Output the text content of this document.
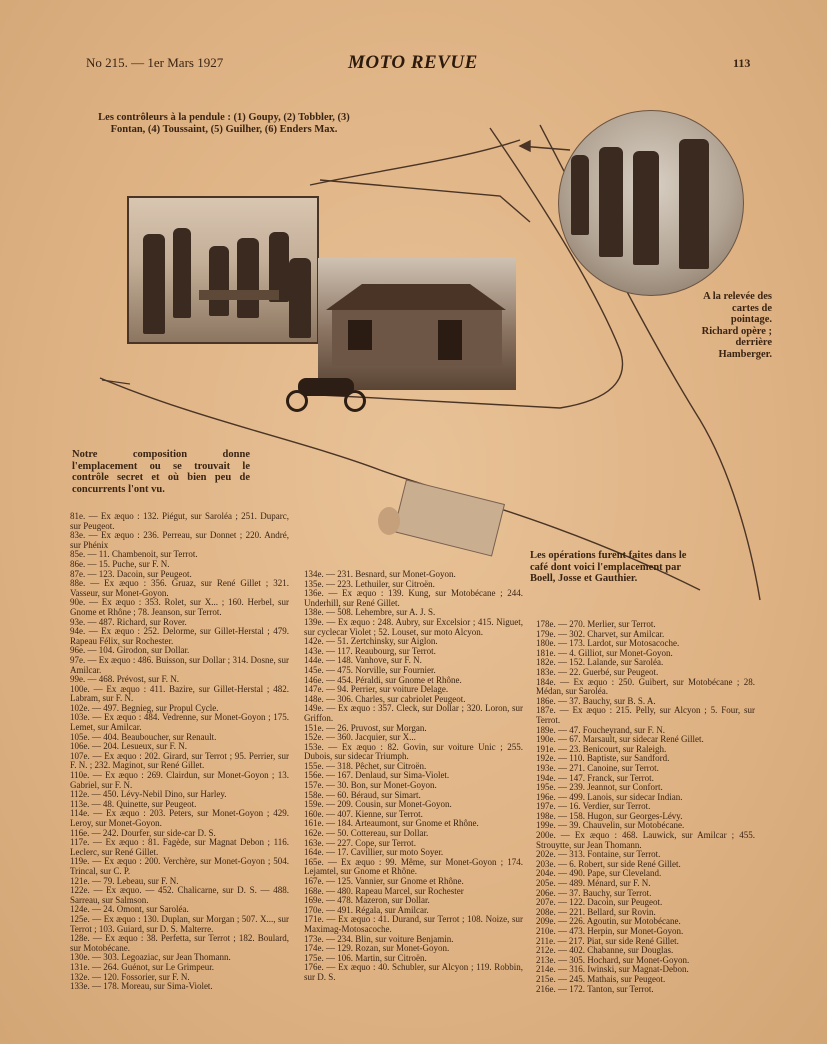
No 215. — 1er Mars 1927	MOTO REVUE	113
Les contrôleurs à la pendule : (1) Goupy, (2) Tobbler, (3) Fontan, (4) Toussaint, (5) Guilher, (6) Enders Max.
A la relevée des cartes de pointage. Richard opère ; derrière Hamberger.
Notre composition donne l'emplacement ou se trouvait le contrôle secret et où bien peu de concurrents l'ont vu.
Les opérations furent faites dans le café dont voici l'emplacement par Boell, Josse et Gauthier.

81e. — Ex æquo : 132. Piégut, sur Saroléa ; 251. Duparc, sur Peugeot.

83e. — Ex æquo : 236. Perreau, sur Donnet ; 220. André, sur Phénix

85e. — 11. Chambenoit, sur Terrot.

86e. — 15. Puche, sur F. N.

87e. — 123. Dacoin, sur Peugeot.

88e. — Ex æquo : 356. Gruaz, sur René Gillet ; 321. Vasseur, sur Monet-Goyon.

90e. — Ex æquo : 353. Rolet, sur X... ; 160. Herbel, sur Gnome et Rhône ; 78. Jeanson, sur Terrot.

93e. — 487. Richard, sur Rover.

94e. — Ex æquo : 252. Delorme, sur Gillet-Herstal ; 479. Rapeau Félix, sur Rochester.

96e. — 104. Girodon, sur Dollar.

97e. — Ex æquo : 486. Buisson, sur Dollar ; 314. Dosne, sur Amilcar.

99e. — 468. Prévost, sur F. N.

100e. — Ex æquo : 411. Bazire, sur Gillet-Herstal ; 482. Labram, sur F. N.

102e. — 497. Begnieg, sur Propul Cycle.

103e. — Ex æquo : 484. Vedrenne, sur Monet-Goyon ; 175. Lemet, sur Amilcar.

105e. — 404. Beauboucher, sur Renault.

106e. — 204. Lesueux, sur F. N.

107e. — Ex æquo : 202. Girard, sur Terrot ; 95. Perrier, sur F. N. ; 232. Maginot, sur René Gillet.

110e. — Ex æquo : 269. Clairdun, sur Monet-Goyon ; 13. Gabriel, sur F. N.

112e. — 450. Lévy-Nebil Dino, sur Harley.

113e. — 48. Quinette, sur Peugeot.

114e. — Ex æquo : 203. Peters, sur Monet-Goyon ; 429. Leroy, sur Monet-Goyon.

116e. — 242. Dourfer, sur side-car D. S.

117e. — Ex æquo : 81. Fagède, sur Magnat Debon ; 116. Leclerc, sur René Gillet.

119e. — Ex æquo : 200. Verchère, sur Monet-Goyon ; 504. Trincal, sur C. P.

121e. — 79. Lebeau, sur F. N.

122e. — Ex æquo. — 452. Chalicarne, sur D. S. — 488. Sarreau, sur Salmson.

124e. — 24. Omont, sur Saroléa.

125e. — Ex æquo : 130. Duplan, sur Morgan ; 507. X..., sur Terrot ; 103. Guiard, sur D. S. Malterre.

128e. — Ex æquo : 38. Perfetta, sur Terrot ; 182. Boulard, sur Motobécane.

130e. — 303. Legoaziac, sur Jean Thomann.

131e. — 264. Guénot, sur Le Grimpeur.

132e. — 120. Fossorier, sur F. N.

133e. — 178. Moreau, sur Sima-Violet.

134e. — 231. Besnard, sur Monet-Goyon.

135e. — 223. Lethuiler, sur Citroën.

136e. — Ex æquo : 139. Kung, sur Motobécane ; 244. Underhill, sur René Gillet.

138e. — 508. Lehembre, sur A. J. S.

139e. — Ex æquo : 248. Aubry, sur Excelsior ; 415. Niguet, sur cyclecar Violet ; 52. Louset, sur moto Alcyon.

142e. — 51. Zertchinsky, sur Aiglon.

143e. — 117. Reaubourg, sur Terrot.

144e. — 148. Vanhove, sur F. N.

145e. — 475. Norville, sur Fournier.

146e. — 454. Péraldi, sur Gnome et Rhône.

147e. — 94. Perrier, sur voiture Delage.

148e. — 306. Charles, sur cabriolet Peugeot.

149e. — Ex æquo : 357. Cleck, sur Dollar ; 320. Loron, sur Griffon.

151e. — 26. Pruvost, sur Morgan.

152e. — 360. Jacquier, sur X...

153e. — Ex æquo : 82. Govin, sur voiture Unic ; 255. Dubois, sur sidecar Triumph.

155e. — 318. Pêchet, sur Citroën.

156e. — 167. Denlaud, sur Sima-Violet.

157e. — 30. Bon, sur Monet-Goyon.

158e. — 60. Béraud, sur Simart.

159e. — 209. Cousin, sur Monet-Goyon.

160e. — 407. Kienne, sur Terrot.

161e. — 184. Arteaumont, sur Gnome et Rhône.

162e. — 50. Cottereau, sur Dollar.

163e. — 227. Cope, sur Terrot.

164e. — 17. Cavillier, sur moto Soyer.

165e. — Ex æquo : 99. Même, sur Monet-Goyon ; 174. Lejamtel, sur Gnome et Rhône.

167e. — 125. Vannier, sur Gnome et Rhône.

168e. — 480. Rapeau Marcel, sur Rochester

169e. — 478. Mazeron, sur Dollar.

170e. — 491. Régala, sur Amilcar.

171e. — Ex æquo : 41. Durand, sur Terrot ; 108. Noize, sur Maximag-Motosacoche.

173e. — 234. Blin, sur voiture Benjamin.

174e. — 129. Rozan, sur Monet-Goyon.

175e. — 106. Martin, sur Citroën.

176e. — Ex æquo : 40. Schubler, sur Alcyon ; 119. Robbin, sur D. S.

178e. — 270. Merlier, sur Terrot.

179e. — 302. Charvet, sur Amilcar.

180e. — 173. Lardot, sur Motosacoche.

181e. — 4. Gilliot, sur Monet-Goyon.

182e. — 152. Lalande, sur Saroléa.

183e. — 22. Guerbé, sur Peugeot.

184e. — Ex æquo : 250. Guibert, sur Motobécane ; 28. Médan, sur Saroléa.

186e. — 37. Bauchy, sur B. S. A.

187e. — Ex æquo : 215. Pelly, sur Alcyon ; 5. Four, sur Terrot.

189e. — 47. Foucheyrand, sur F. N.

190e. — 67. Marsault, sur sidecar René Gillet.

191e. — 23. Benicourt, sur Raleigh.

192e. — 110. Baptiste, sur Sandford.

193e. — 271. Canoine, sur Terrot.

194e. — 147. Franck, sur Terrot.

195e. — 239. Jeannot, sur Confort.

196e. — 499. Lanois, sur sidecar Indian.

197e. — 16. Verdier, sur Terrot.

198e. — 158. Hugon, sur Georges-Lévy.

199e. — 39. Chauvelin, sur Motobécane.

200e. — Ex æquo : 468. Lauwick, sur Amilcar ; 455. Strouytte, sur Jean Thomann.

202e. — 313. Fontaine, sur Terrot.

203e. — 6. Robert, sur side René Gillet.

204e. — 490. Pape, sur Cleveland.

205e. — 489. Ménard, sur F. N.

206e. — 37. Bauchy, sur Terrot.

207e. — 122. Dacoin, sur Peugeot.

208e. — 221. Bellard, sur Rovin.

209e. — 226. Agoutin, sur Motobécane.

210e. — 473. Herpin, sur Monet-Goyon.

211e. — 217. Piat, sur side René Gillet.

212e. — 402. Chabanne, sur Douglas.

213e. — 305. Hochard, sur Monet-Goyon.

214e. — 316. Iwinski, sur Magnat-Debon.

215e. — 245. Mathais, sur Peugeot.

216e. — 172. Tanton, sur Terrot.
